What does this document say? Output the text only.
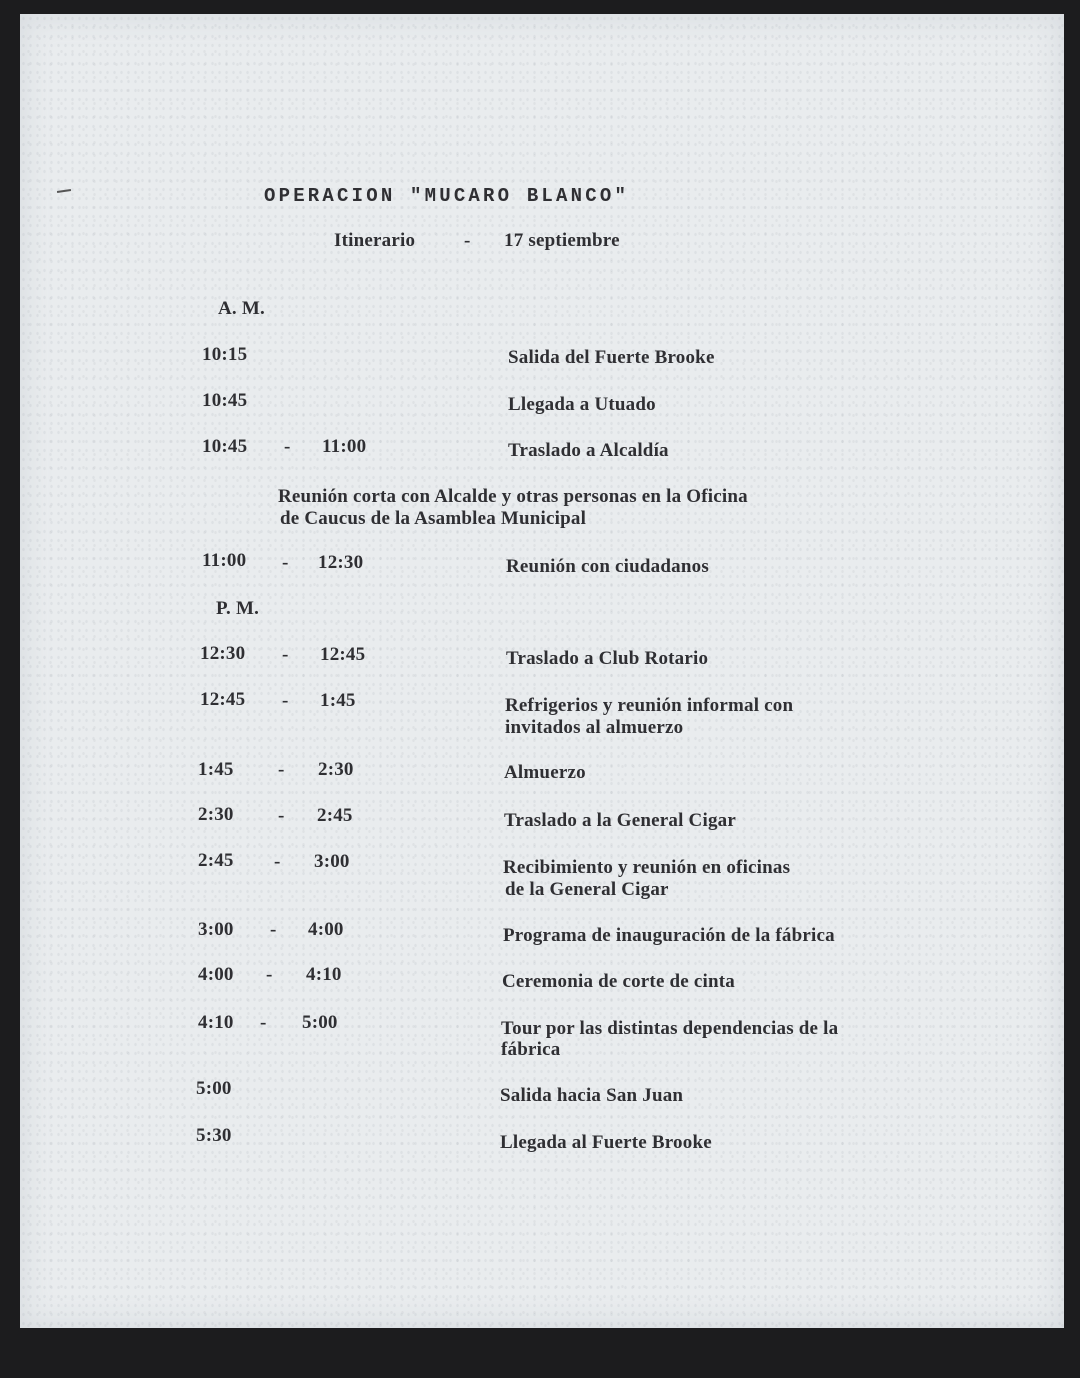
OPERACION "MUCARO BLANCO"
Itinerario	- 17 septiembre
A. M.
10:15	Salida del Fuerte Brooke
10:45	Llegada a Utuado
10:45 - 11:00	Traslado a Alcaldía
Reunión corta con Alcalde y otras personas en la Oficina
de Caucus de la Asamblea Municipal
11:00 - 12:30	Reunión con ciudadanos
P. M.
12:30 - 12:45	Traslado a Club Rotario
12:45 - 1:45	Refrigerios y reunión informal con
invitados al almuerzo
1:45 - 2:30	Almuerzo
2:30 - 2:45	Traslado a la General Cigar
2:45 - 3:00	Recibimiento y reunión en oficinas
de la General Cigar
3:00 - 4:00	Programa de inauguración de la fábrica
4:00 - 4:10	Ceremonia de corte de cinta
4:10 - 5:00	Tour por las distintas dependencias de la
fábrica
5:00	Salida hacia San Juan
5:30	Llegada al Fuerte Brooke
